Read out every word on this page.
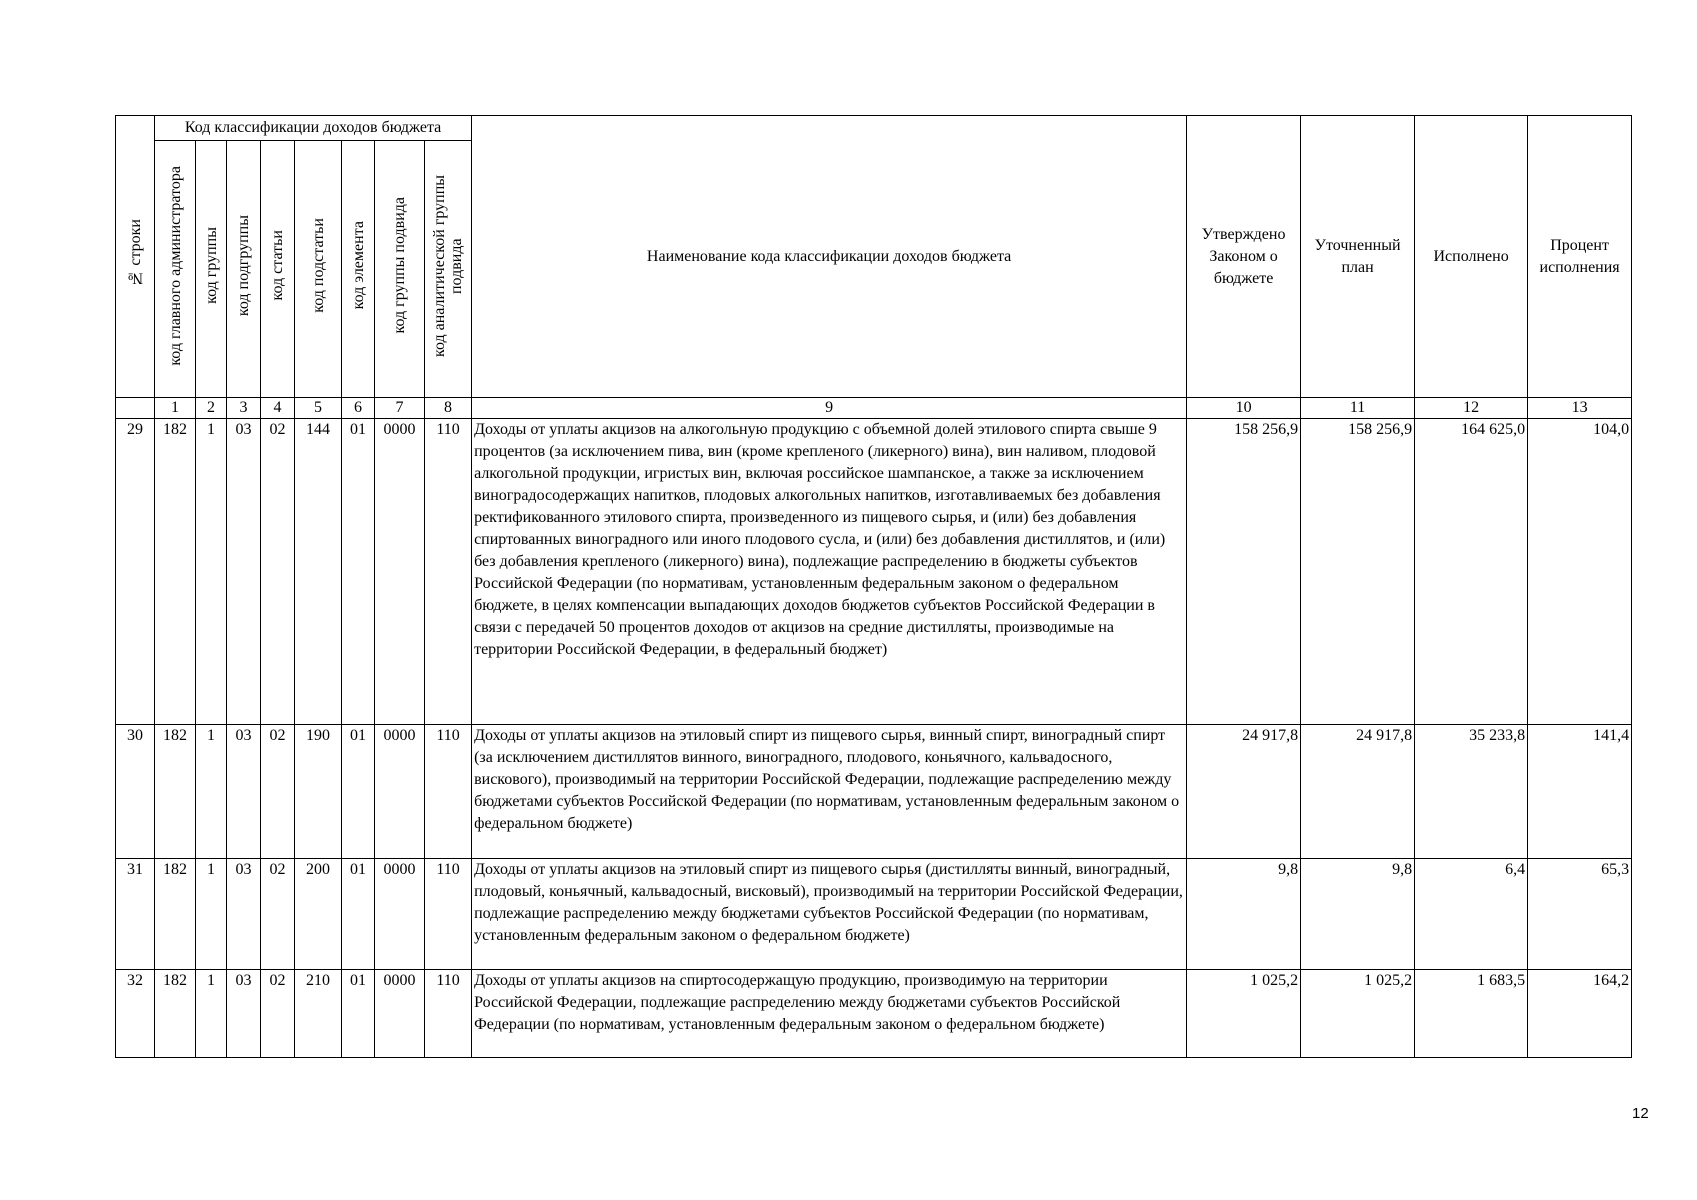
№ строки	Код классификации доходов бюджета								Наименование кода классификации доходов бюджета	Утверждено Законом о бюджете	Уточненный план	Исполнено	Процент исполнения
	код главного администратора	код группы	код подгруппы	код статьи	код подстатьи	код элемента	код группы подвида	код аналитической группы подвида					
	1	2	3	4	5	6	7	8	9	10	11	12	13
29	182	1	03	02	144	01	0000	110	Доходы от уплаты акцизов на алкогольную продукцию с объемной долей этилового спирта свыше 9 процентов (за исключением пива, вин (кроме крепленого (ликерного) вина), вин наливом, плодовой алкогольной продукции, игристых вин, включая российское шампанское, а также за исключением виноградосодержащих напитков, плодовых алкогольных напитков, изготавливаемых без добавления ректификованного этилового спирта, произведенного из пищевого сырья, и (или) без добавления спиртованных виноградного или иного плодового сусла, и (или) без добавления дистиллятов, и (или) без добавления крепленого (ликерного) вина), подлежащие распределению в бюджеты субъектов Российской Федерации (по нормативам, установленным федеральным законом о федеральном бюджете, в целях компенсации выпадающих доходов бюджетов субъектов Российской Федерации в связи с передачей 50 процентов доходов от акцизов на средние дистилляты, производимые на территории Российской Федерации, в федеральный бюджет)	158 256,9	158 256,9	164 625,0	104,0
30	182	1	03	02	190	01	0000	110	Доходы от уплаты акцизов на этиловый спирт из пищевого сырья, винный спирт, виноградный спирт (за исключением дистиллятов винного, виноградного, плодового, коньячного, кальвадосного, вискового), производимый на территории Российской Федерации, подлежащие распределению между бюджетами субъектов Российской Федерации (по нормативам, установленным федеральным законом о федеральном бюджете)	24 917,8	24 917,8	35 233,8	141,4
31	182	1	03	02	200	01	0000	110	Доходы от уплаты акцизов на этиловый спирт из пищевого сырья (дистилляты винный, виноградный, плодовый, коньячный, кальвадосный, висковый), производимый на территории Российской Федерации, подлежащие распределению между бюджетами субъектов Российской Федерации (по нормативам, установленным федеральным законом о федеральном бюджете)	9,8	9,8	6,4	65,3
32	182	1	03	02	210	01	0000	110	Доходы от уплаты акцизов на спиртосодержащую продукцию, производимую на территории Российской Федерации, подлежащие распределению между бюджетами субъектов Российской Федерации (по нормативам, установленным федеральным законом о федеральном бюджете)	1 025,2	1 025,2	1 683,5	164,2
12
